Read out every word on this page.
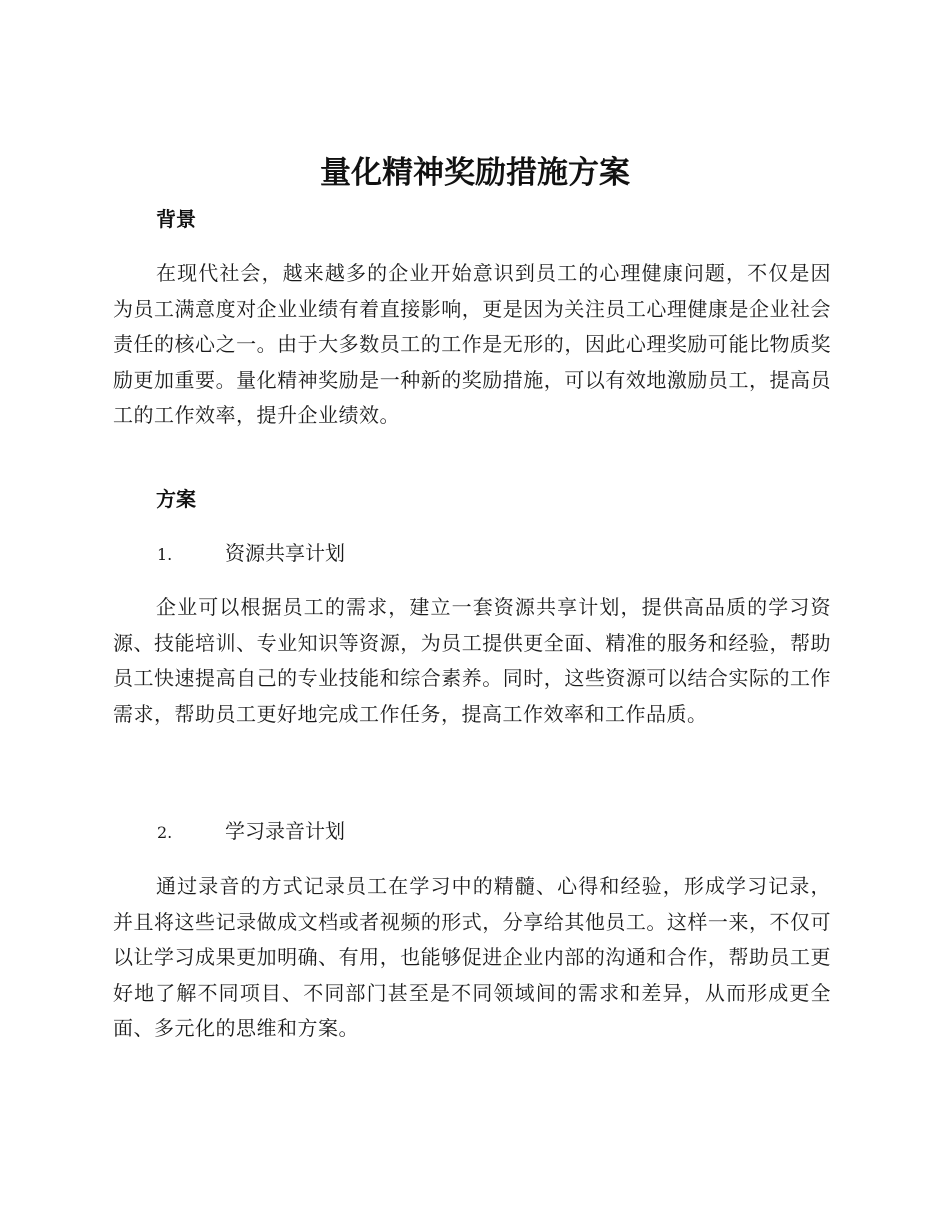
量化精神奖励措施方案
背景

在现代社会，越来越多的企业开始意识到员工的心理健康问题，不仅是因为员工满意度对企业业绩有着直接影响，更是因为关注员工心理健康是企业社会责任的核心之一。由于大多数员工的工作是无形的，因此心理奖励可能比物质奖励更加重要。量化精神奖励是一种新的奖励措施，可以有效地激励员工，提高员工的工作效率，提升企业绩效。

方案
1.	资源共享计划

企业可以根据员工的需求，建立一套资源共享计划，提供高品质的学习资源、技能培训、专业知识等资源，为员工提供更全面、精准的服务和经验，帮助员工快速提高自己的专业技能和综合素养。同时，这些资源可以结合实际的工作需求，帮助员工更好地完成工作任务，提高工作效率和工作品质。

2.	学习录音计划

通过录音的方式记录员工在学习中的精髓、心得和经验，形成学习记录，并且将这些记录做成文档或者视频的形式，分享给其他员工。这样一来，不仅可以让学习成果更加明确、有用，也能够促进企业内部的沟通和合作，帮助员工更好地了解不同项目、不同部门甚至是不同领域间的需求和差异，从而形成更全面、多元化的思维和方案。
